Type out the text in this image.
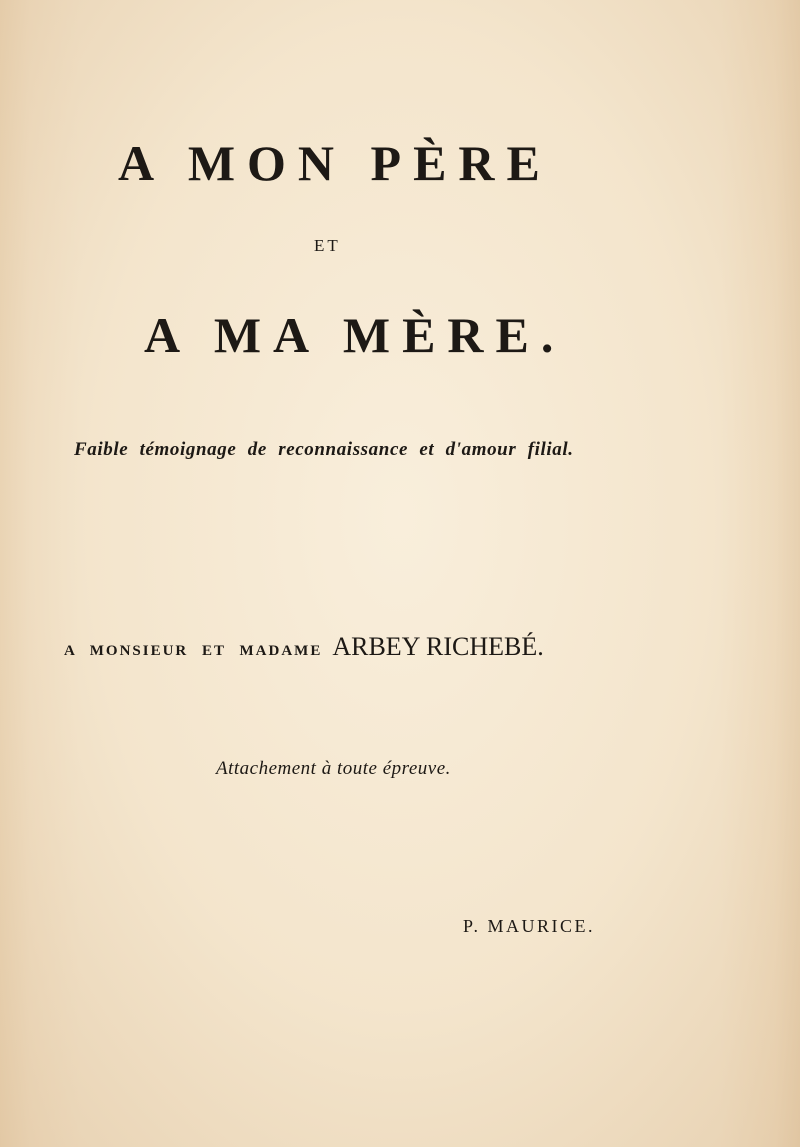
A MON PÈRE
ET
A MA MÈRE.
Faible témoignage de reconnaissance et d'amour filial.
A MONSIEUR ET MADAME ARBEY RICHEBÉ.
Attachement à toute épreuve.
P. MAURICE.
